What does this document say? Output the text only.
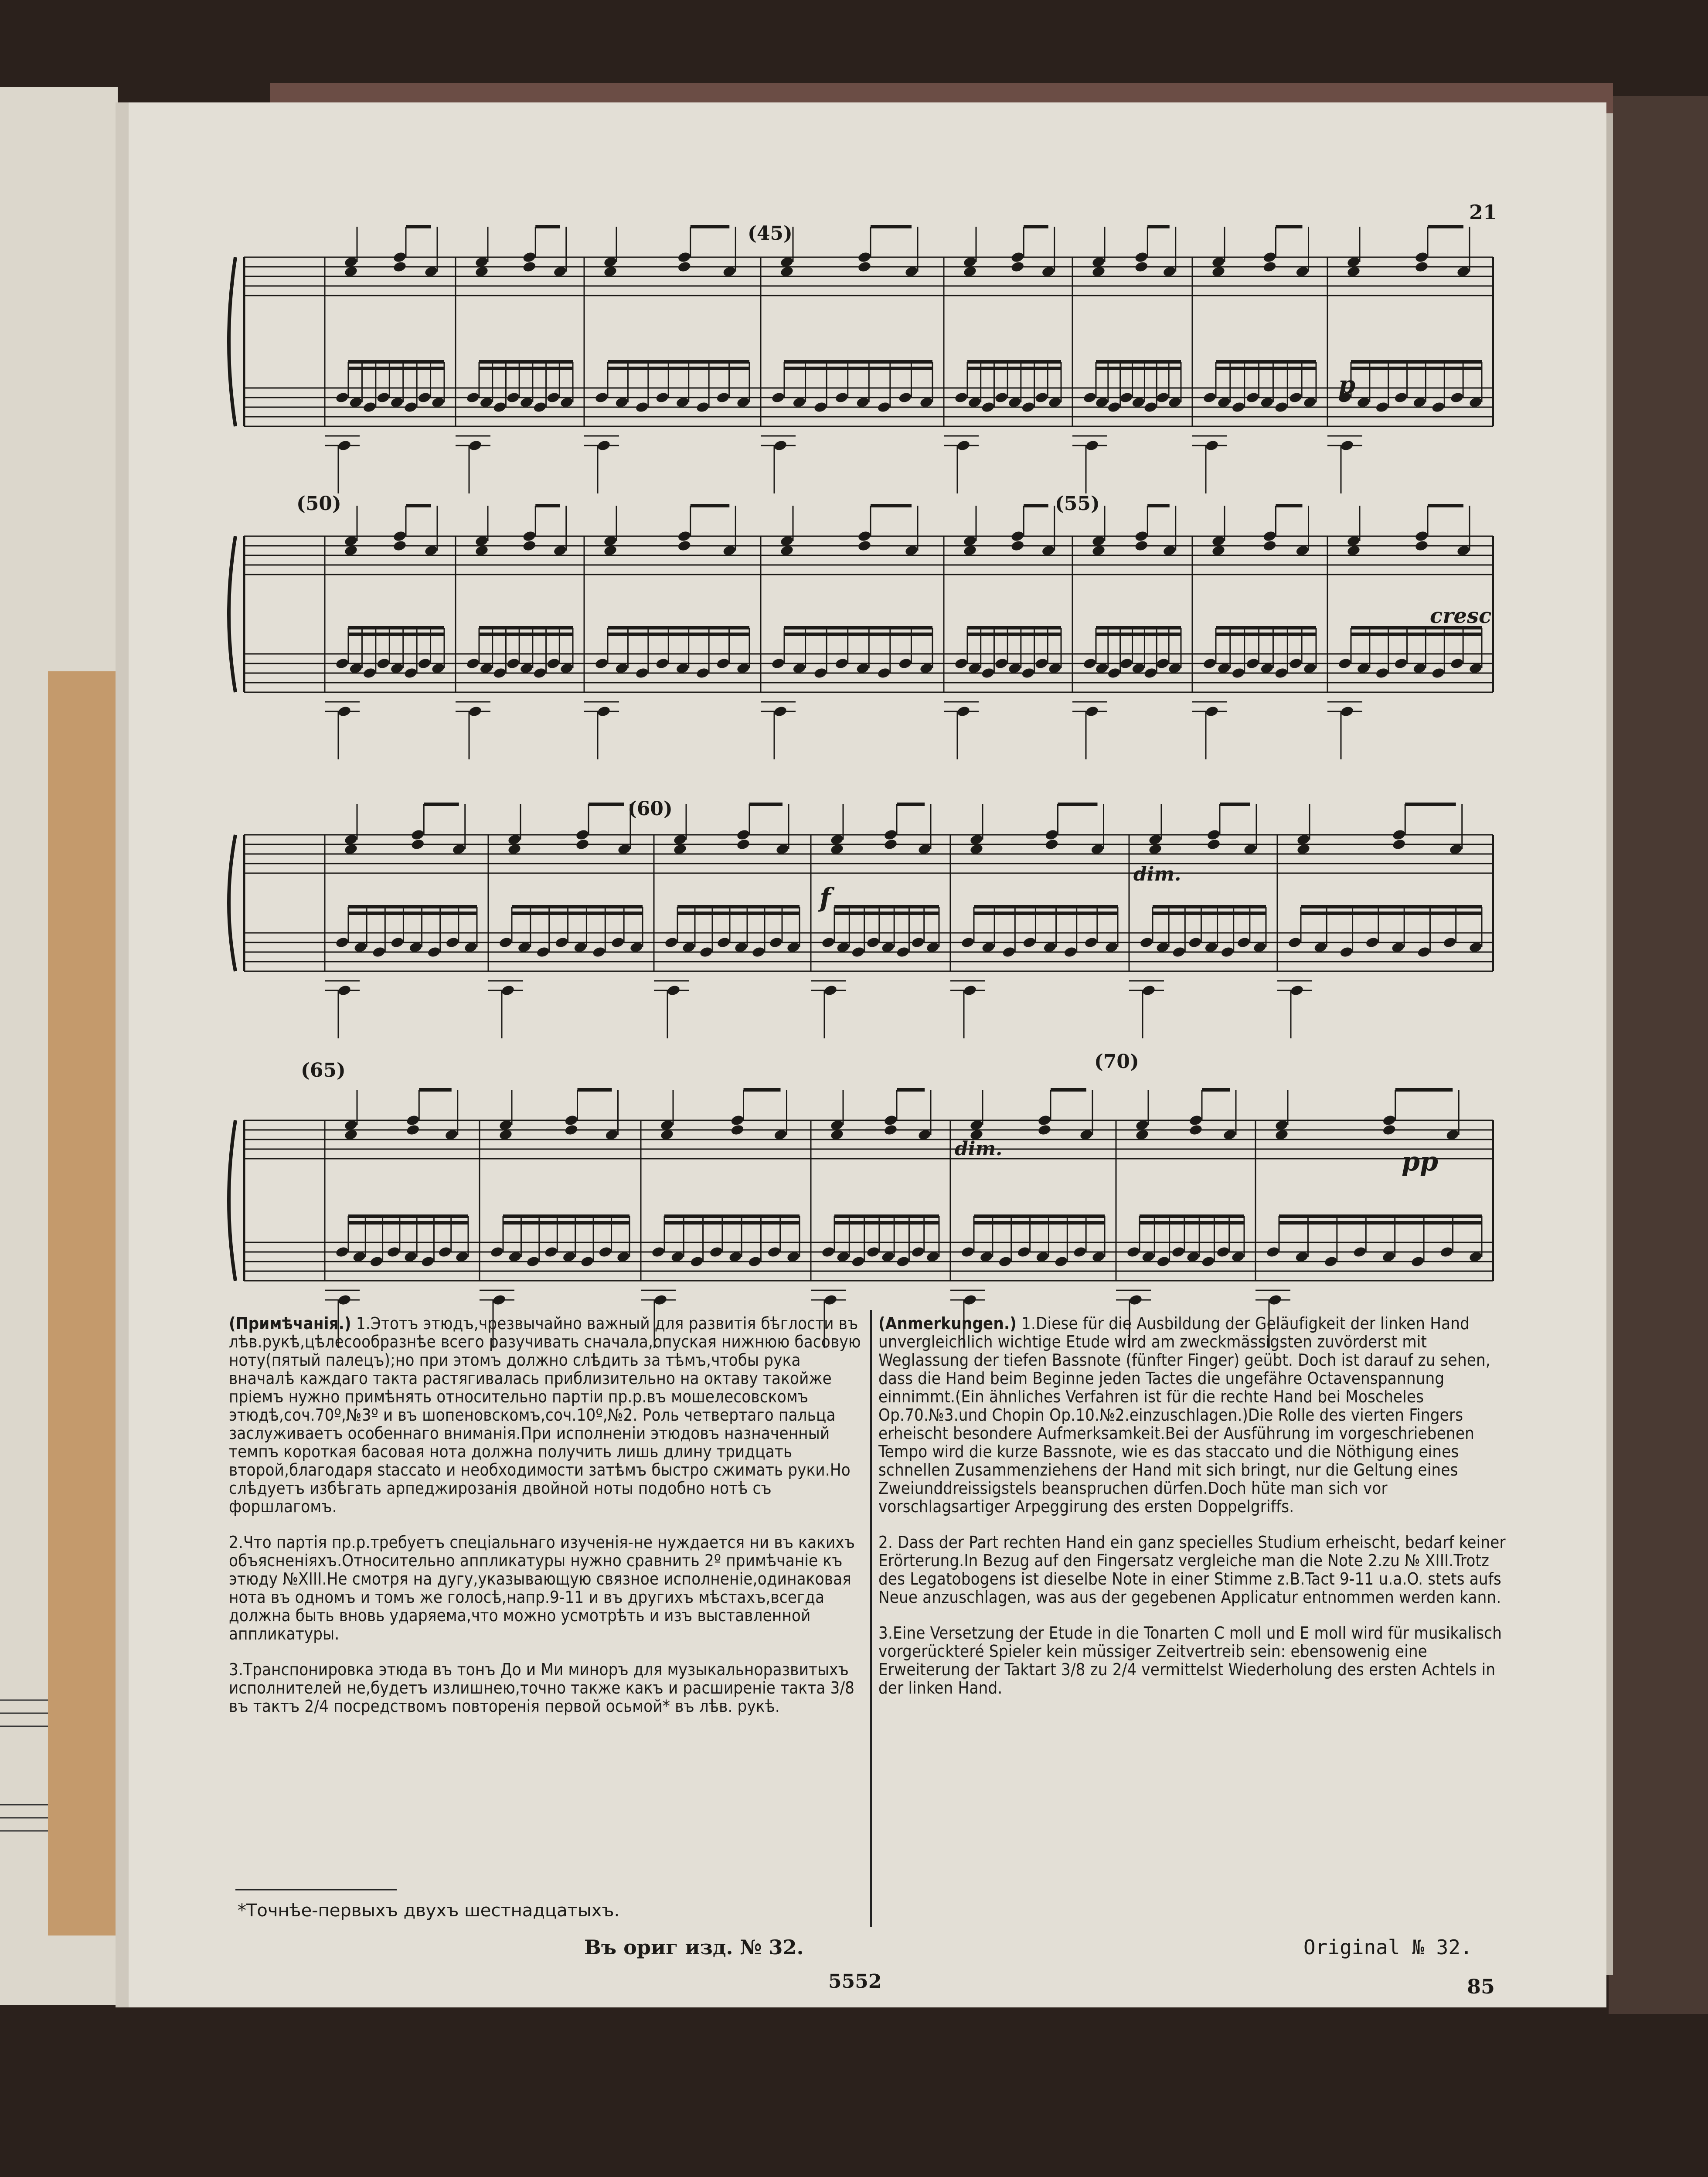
21
(45)
(50)	(55)
(60)
(65)	(70)
p
cresc
f
dim.
dim.	pp

(Примѣчанія.) 1.Этотъ этюдъ,чрезвычайно важный для развитія бѣглости въ лѣв.рукѣ,цѣлесообразнѣе всего разучивать сначала,опуская нижнюю басовую ноту(пятый палецъ);но при этомъ должно слѣдить за тѣмъ,чтобы рука вначалѣ каждаго такта растягивалась приблизительно на октаву такойже пріемъ нужно примѣнять относительно партіи пр.р.въ мошелесовскомъ этюдѣ,соч.70º,№3º и въ шопеновскомъ,соч.10º,№2. Роль четвертаго пальца заслуживаетъ особеннаго вниманія.При исполненіи этюдовъ назначенный темпъ короткая басовая нота должна получить лишь длину тридцать второй,благодаря staccato и необходимости затѣмъ быстро сжимать руки.Но слѣдуетъ избѣгать арпеджирозанія двойной ноты подобно нотѣ съ форшлагомъ.

2.Что партія пр.р.требуетъ спеціальнаго изученія-не нуждается ни въ какихъ объясненіяхъ.Относительно аппликатуры нужно сравнить 2º примѣчаніе къ этюду №XIII.Не смотря на дугу,указывающую связное исполненіе,одинаковая нота въ одномъ и томъ же голосѣ,напр.9-11 и въ другихъ мѣстахъ,всегда должна быть вновь ударяема,что можно усмотрѣть и изъ выставленной аппликатуры.

3.Транспонировка этюда въ тонъ До и Ми миноръ для музыкальноразвитыхъ исполнителей не,будетъ излишнею,точно также какъ и расширеніе такта 3/8 въ тактъ 2/4 посредствомъ повторенія первой осьмой* въ лѣв. рукѣ.

*Точнѣе-первыхъ двухъ шестнадцатыхъ.

(Anmerkungen.) 1.Diese für die Ausbildung der Geläufigkeit der linken Hand unvergleichlich wichtige Etude wird am zweckmässigsten zuvörderst mit Weglassung der tiefen Bassnote (fünfter Finger) geübt. Doch ist darauf zu sehen, dass die Hand beim Beginne jeden Tactes die ungefähre Octavenspannung einnimmt.(Ein ähnliches Verfahren ist für die rechte Hand bei Moscheles Op.70.№3.und Chopin Op.10.№2.einzuschlagen.)Die Rolle des vierten Fingers erheischt besondere Aufmerksamkeit.Bei der Ausführung im vorgeschriebenen Tempo wird die kurze Bassnote, wie es das staccato und die Nöthigung eines schnellen Zusammenziehens der Hand mit sich bringt, nur die Geltung eines Zweiunddreissigstels beanspruchen dürfen.Doch hüte man sich vor vorschlagsartiger Arpeggirung des ersten Doppelgriffs.

2. Dass der Part rechten Hand ein ganz specielles Studium erheischt, bedarf keiner Erörterung.In Bezug auf den Fingersatz vergleiche man die Note 2.zu № XIII.Trotz des Legatobogens ist dieselbe Note in einer Stimme z.B.Tact 9-11 u.a.O. stets aufs Neue anzuschlagen, was aus der gegebenen Applicatur entnommen werden kann.

3.Eine Versetzung der Etude in die Tonarten C moll und E moll wird für musikalisch vorgerückteré Spieler kein müssiger Zeitvertreib sein: ebensowenig eine Erweiterung der Taktart 3/8 zu 2/4 vermittelst Wiederholung des ersten Achtels in der linken Hand.

Въ ориг изд. № 32.
5552
Original № 32.
85
